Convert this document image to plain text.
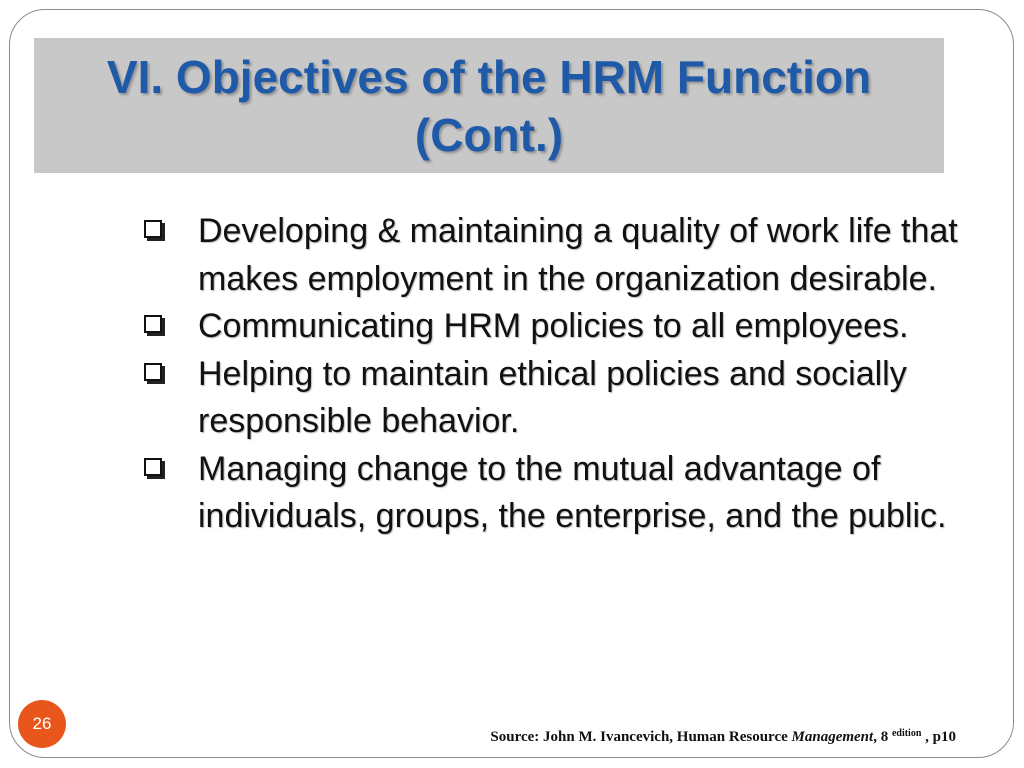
VI. Objectives of the HRM Function
(Cont.)
Developing & maintaining a quality of work life that makes employment in the organization desirable.
Communicating HRM policies to all employees.
Helping to maintain ethical policies and socially responsible behavior.
Managing change to the mutual advantage of individuals, groups, the enterprise, and the public.
26
Source: John M. Ivancevich, Human Resource Management, 8 $^{edition}$ , p10
